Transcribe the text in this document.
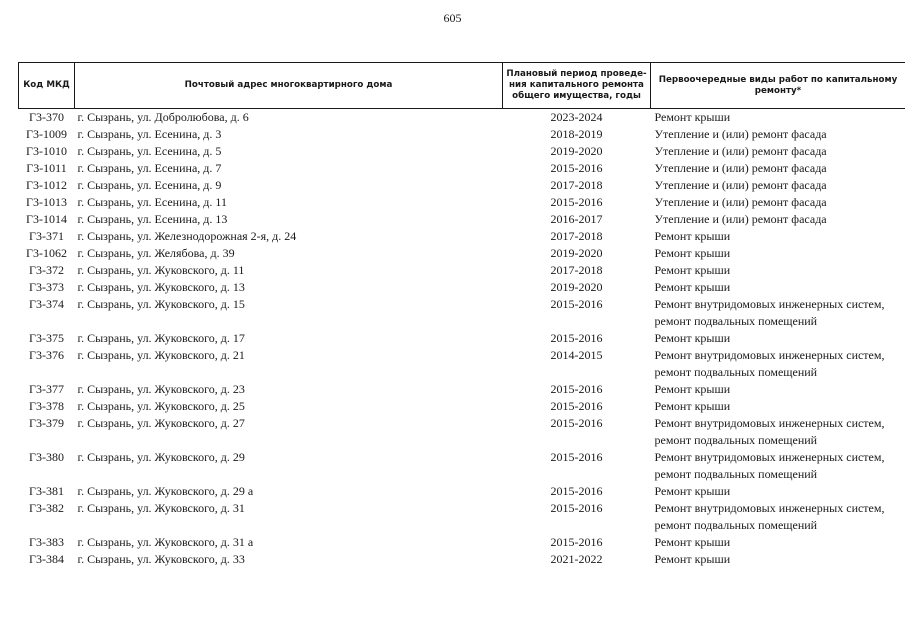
605
Код МКД	Почтовый адрес многоквартирного дома	Плановый период проведе-ния капитального ремонта общего имущества, годы	Первоочередные виды работ по капитальному ремонту*
Г3-370	г. Сызрань, ул. Добролюбова, д. 6	2023-2024	Ремонт крыши

Г3-1009	г. Сызрань, ул. Есенина, д. 3	2018-2019	Утепление и (или) ремонт фасада

Г3-1010	г. Сызрань, ул. Есенина, д. 5	2019-2020	Утепление и (или) ремонт фасада

Г3-1011	г. Сызрань, ул. Есенина, д. 7	2015-2016	Утепление и (или) ремонт фасада

Г3-1012	г. Сызрань, ул. Есенина, д. 9	2017-2018	Утепление и (или) ремонт фасада

Г3-1013	г. Сызрань, ул. Есенина, д. 11	2015-2016	Утепление и (или) ремонт фасада

Г3-1014	г. Сызрань, ул. Есенина, д. 13	2016-2017	Утепление и (или) ремонт фасада

Г3-371	г. Сызрань, ул. Железнодорожная 2-я, д. 24	2017-2018	Ремонт крыши

Г3-1062	г. Сызрань, ул. Желябова, д. 39	2019-2020	Ремонт крыши

Г3-372	г. Сызрань, ул. Жуковского, д. 11	2017-2018	Ремонт крыши

Г3-373	г. Сызрань, ул. Жуковского, д. 13	2019-2020	Ремонт крыши

Г3-374	г. Сызрань, ул. Жуковского, д. 15	2015-2016	Ремонт внутридомовых инженерных систем,
ремонт подвальных помещений

Г3-375	г. Сызрань, ул. Жуковского, д. 17	2015-2016	Ремонт крыши

Г3-376	г. Сызрань, ул. Жуковского, д. 21	2014-2015	Ремонт внутридомовых инженерных систем,
ремонт подвальных помещений

Г3-377	г. Сызрань, ул. Жуковского, д. 23	2015-2016	Ремонт крыши

Г3-378	г. Сызрань, ул. Жуковского, д. 25	2015-2016	Ремонт крыши

Г3-379	г. Сызрань, ул. Жуковского, д. 27	2015-2016	Ремонт внутридомовых инженерных систем,
ремонт подвальных помещений

Г3-380	г. Сызрань, ул. Жуковского, д. 29	2015-2016	Ремонт внутридомовых инженерных систем,
ремонт подвальных помещений

Г3-381	г. Сызрань, ул. Жуковского, д. 29 а	2015-2016	Ремонт крыши

Г3-382	г. Сызрань, ул. Жуковского, д. 31	2015-2016	Ремонт внутридомовых инженерных систем,
ремонт подвальных помещений

Г3-383	г. Сызрань, ул. Жуковского, д. 31 а	2015-2016	Ремонт крыши

Г3-384	г. Сызрань, ул. Жуковского, д. 33	2021-2022	Ремонт крыши
